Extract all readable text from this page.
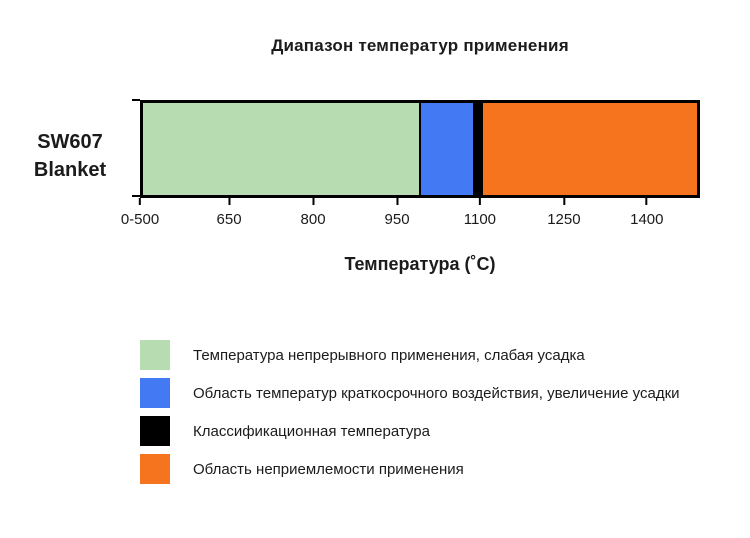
Диапазон температур применения
SW607
Blanket
0-500	650	800	950	1100	1250	1400
Температура (˚C)
Температура непрерывного применения, слабая усадка
Область температур краткосрочного воздействия, увеличение усадки
Классификационная температура
Область неприемлемости применения
